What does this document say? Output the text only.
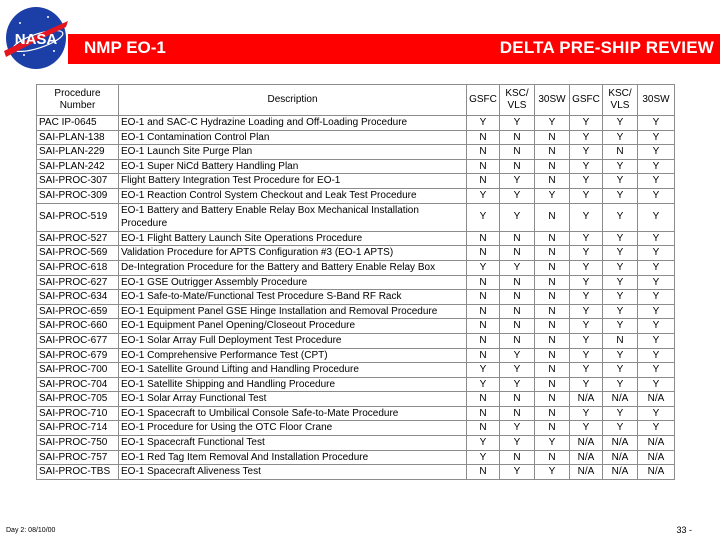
NASA NMP EO-1	DELTA PRE-SHIP REVIEW
Procedure Number	Description	GSFC	KSC/ VLS	30SW	GSFC	KSC/ VLS	30SW
PAC IP-0645	EO-1 and SAC-C Hydrazine Loading and Off-Loading Procedure	Y	Y	Y	Y	Y	Y
SAI-PLAN-138	EO-1 Contamination Control Plan	N	N	N	Y	Y	Y
SAI-PLAN-229	EO-1 Launch Site Purge Plan	N	N	N	Y	N	Y
SAI-PLAN-242	EO-1 Super NiCd Battery Handling Plan	N	N	N	Y	Y	Y
SAI-PROC-307	Flight Battery Integration Test Procedure for EO-1	N	Y	N	Y	Y	Y
SAI-PROC-309	EO-1 Reaction Control System Checkout and Leak Test Procedure	Y	Y	Y	Y	Y	Y
SAI-PROC-519	EO-1 Battery and Battery Enable Relay Box Mechanical Installation Procedure	Y	Y	N	Y	Y	Y
SAI-PROC-527	EO-1 Flight Battery Launch Site Operations Procedure	N	N	N	Y	Y	Y
SAI-PROC-569	Validation Procedure for APTS Configuration #3 (EO-1 APTS)	N	N	N	Y	Y	Y
SAI-PROC-618	De-Integration Procedure for the Battery and Battery Enable Relay Box	Y	Y	N	Y	Y	Y
SAI-PROC-627	EO-1 GSE Outrigger Assembly Procedure	N	N	N	Y	Y	Y
SAI-PROC-634	EO-1 Safe-to-Mate/Functional Test Procedure S-Band RF Rack	N	N	N	Y	Y	Y
SAI-PROC-659	EO-1 Equipment Panel GSE Hinge Installation and Removal Procedure	N	N	N	Y	Y	Y
SAI-PROC-660	EO-1 Equipment Panel Opening/Closeout Procedure	N	N	N	Y	Y	Y
SAI-PROC-677	EO-1 Solar Array Full Deployment Test Procedure	N	N	N	Y	N	Y
SAI-PROC-679	EO-1 Comprehensive Performance Test (CPT)	N	Y	N	Y	Y	Y
SAI-PROC-700	EO-1 Satellite Ground Lifting and Handling Procedure	Y	Y	N	Y	Y	Y
SAI-PROC-704	EO-1 Satellite Shipping and Handling Procedure	Y	Y	N	Y	Y	Y
SAI-PROC-705	EO-1 Solar Array Functional Test	N	N	N	N/A	N/A	N/A
SAI-PROC-710	EO-1 Spacecraft to Umbilical Console Safe-to-Mate Procedure	N	N	N	Y	Y	Y
SAI-PROC-714	EO-1 Procedure for Using the OTC Floor Crane	N	Y	N	Y	Y	Y
SAI-PROC-750	EO-1 Spacecraft Functional Test	Y	Y	Y	N/A	N/A	N/A
SAI-PROC-757	EO-1 Red Tag Item Removal And Installation Procedure	Y	N	N	N/A	N/A	N/A
SAI-PROC-TBS	EO-1 Spacecraft Aliveness Test	N	Y	Y	N/A	N/A	N/A
Day 2: 08/10/00	33 -
